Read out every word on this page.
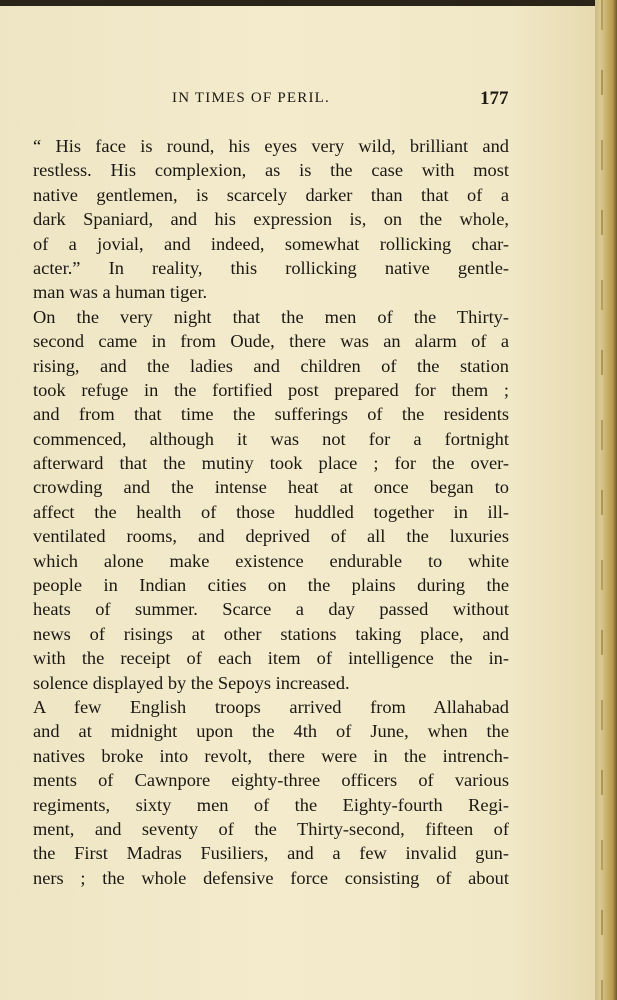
IN TIMES OF PERIL.	177
“ His face is round, his eyes very wild, brilliant and
restless. His complexion, as is the case with most
native gentlemen, is scarcely darker than that of a
dark Spaniard, and his expression is, on the whole,
of a jovial, and indeed, somewhat rollicking char-
acter.” In reality, this rollicking native gentle-
man was a human tiger.
On the very night that the men of the Thirty-
second came in from Oude, there was an alarm of a
rising, and the ladies and children of the station
took refuge in the fortified post prepared for them ;
and from that time the sufferings of the residents
commenced, although it was not for a fortnight
afterward that the mutiny took place ; for the over-
crowding and the intense heat at once began to
affect the health of those huddled together in ill-
ventilated rooms, and deprived of all the luxuries
which alone make existence endurable to white
people in Indian cities on the plains during the
heats of summer. Scarce a day passed without
news of risings at other stations taking place, and
with the receipt of each item of intelligence the in-
solence displayed by the Sepoys increased.
A few English troops arrived from Allahabad
and at midnight upon the 4th of June, when the
natives broke into revolt, there were in the intrench-
ments of Cawnpore eighty-three officers of various
regiments, sixty men of the Eighty-fourth Regi-
ment, and seventy of the Thirty-second, fifteen of
the First Madras Fusiliers, and a few invalid gun-
ners ; the whole defensive force consisting of about
